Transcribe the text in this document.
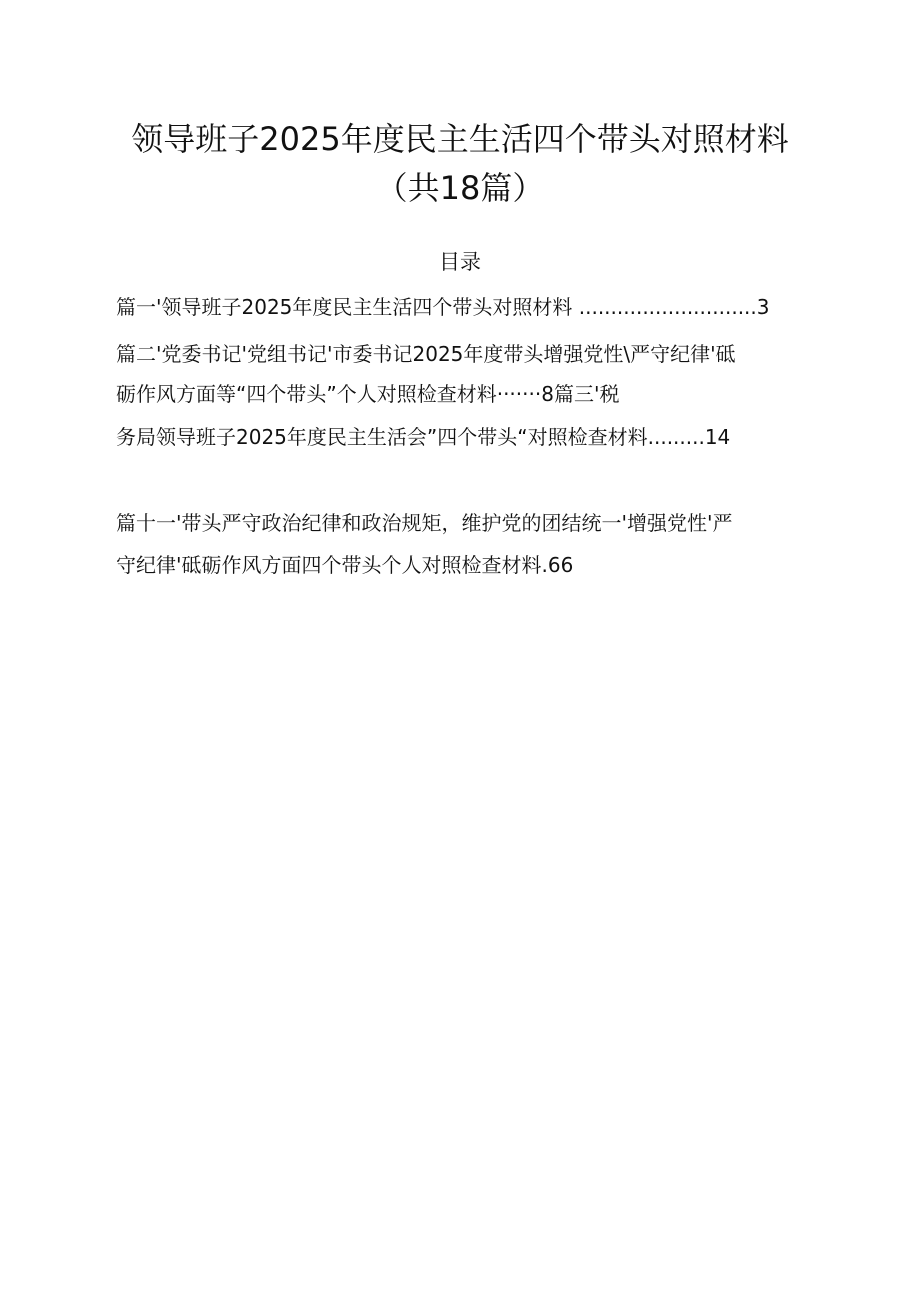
领导班子2025年度民主生活四个带头对照材料
（共18篇）
目录
篇一'领导班子2025年度民主生活四个带头对照材料 ............................3
篇二'党委书记'党组书记'市委书记2025年度带头增强党性\严守纪律'砥
砺作风方面等“四个带头”个人对照检查材料·······8篇三'税
务局领导班子2025年度民主生活会”四个带头“对照检查材料.........14
篇十一'带头严守政治纪律和政治规矩，维护党的团结统一'增强党性'严
守纪律'砥砺作风方面四个带头个人对照检查材料.66
